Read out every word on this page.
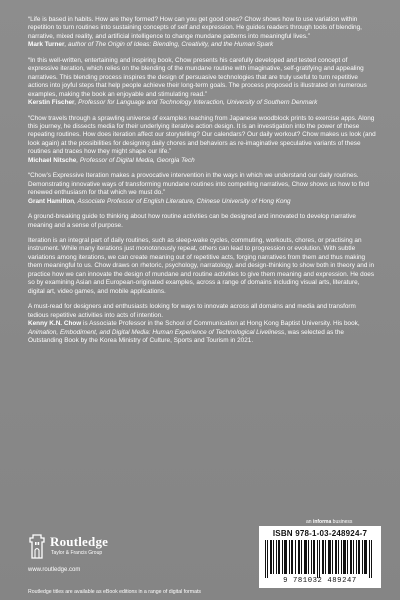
“Life is based in habits. How are they formed? How can you get good ones? Chow shows how to use variation within repetition to turn routines into sustaining concepts of self and expression. He guides readers through tools of blending, narrative, mixed reality, and artificial intelligence to change mundane patterns into meaningful lives.”

Mark Turner, author of The Origin of Ideas: Blending, Creativity, and the Human Spark

“In this well-written, entertaining and inspiring book, Chow presents his carefully developed and tested concept of expressive iteration, which relies on the blending of the mundane routine with imaginative, self-gratifying and appealing narratives. This blending process inspires the design of persuasive technologies that are truly useful to turn repetitive actions into joyful steps that help people achieve their long-term goals. The process proposed is illustrated on numerous examples, making the book an enjoyable and stimulating read.”

Kerstin Fischer, Professor for Language and Technology Interaction, University of Southern Denmark

“Chow travels through a sprawling universe of examples reaching from Japanese woodblock prints to exercise apps. Along this journey, he dissects media for their underlying iterative action design. It is an investigation into the power of these repeating routines. How does iteration affect our storytelling? Our calendars? Our daily workout? Chow makes us look (and look again) at the possibilities for designing daily chores and behaviors as re-imaginative speculative variants of these routines and traces how they might shape our life.”

Michael Nitsche, Professor of Digital Media, Georgia Tech

“Chow’s Expressive Iteration makes a provocative intervention in the ways in which we understand our daily routines. Demonstrating innovative ways of transforming mundane routines into compelling narratives, Chow shows us how to find renewed enthusiasm for that which we must do.”

Grant Hamilton, Associate Professor of English Literature, Chinese University of Hong Kong

A ground-breaking guide to thinking about how routine activities can be designed and innovated to develop narrative meaning and a sense of purpose.

Iteration is an integral part of daily routines, such as sleep-wake cycles, commuting, workouts, chores, or practising an instrument. While many iterations just monotonously repeat, others can lead to progression or evolution. With subtle variations among iterations, we can create meaning out of repetitive acts, forging narratives from them and thus making them meaningful to us. Chow draws on rhetoric, psychology, narratology, and design-thinking to show both in theory and in practice how we can innovate the design of mundane and routine activities to give them meaning and expression. He does so by examining Asian and European-originated examples, across a range of domains including visual arts, literature, digital art, video games, and mobile applications.

A must-read for designers and enthusiasts looking for ways to innovate across all domains and media and transform tedious repetitive activities into acts of intention.

Kenny K.N. Chow is Associate Professor in the School of Communication at Hong Kong Baptist University. His book, Animation, Embodiment, and Digital Media: Human Experience of Technological Liveliness, was selected as the Outstanding Book by the Korea Ministry of Culture, Sports and Tourism in 2021.

Routledge
Taylor & Francis Group
www.routledge.com
Routledge titles are available as eBook editions in a range of digital formats
an informa business
ISBN 978-1-03-248924-7
9 781032 489247
